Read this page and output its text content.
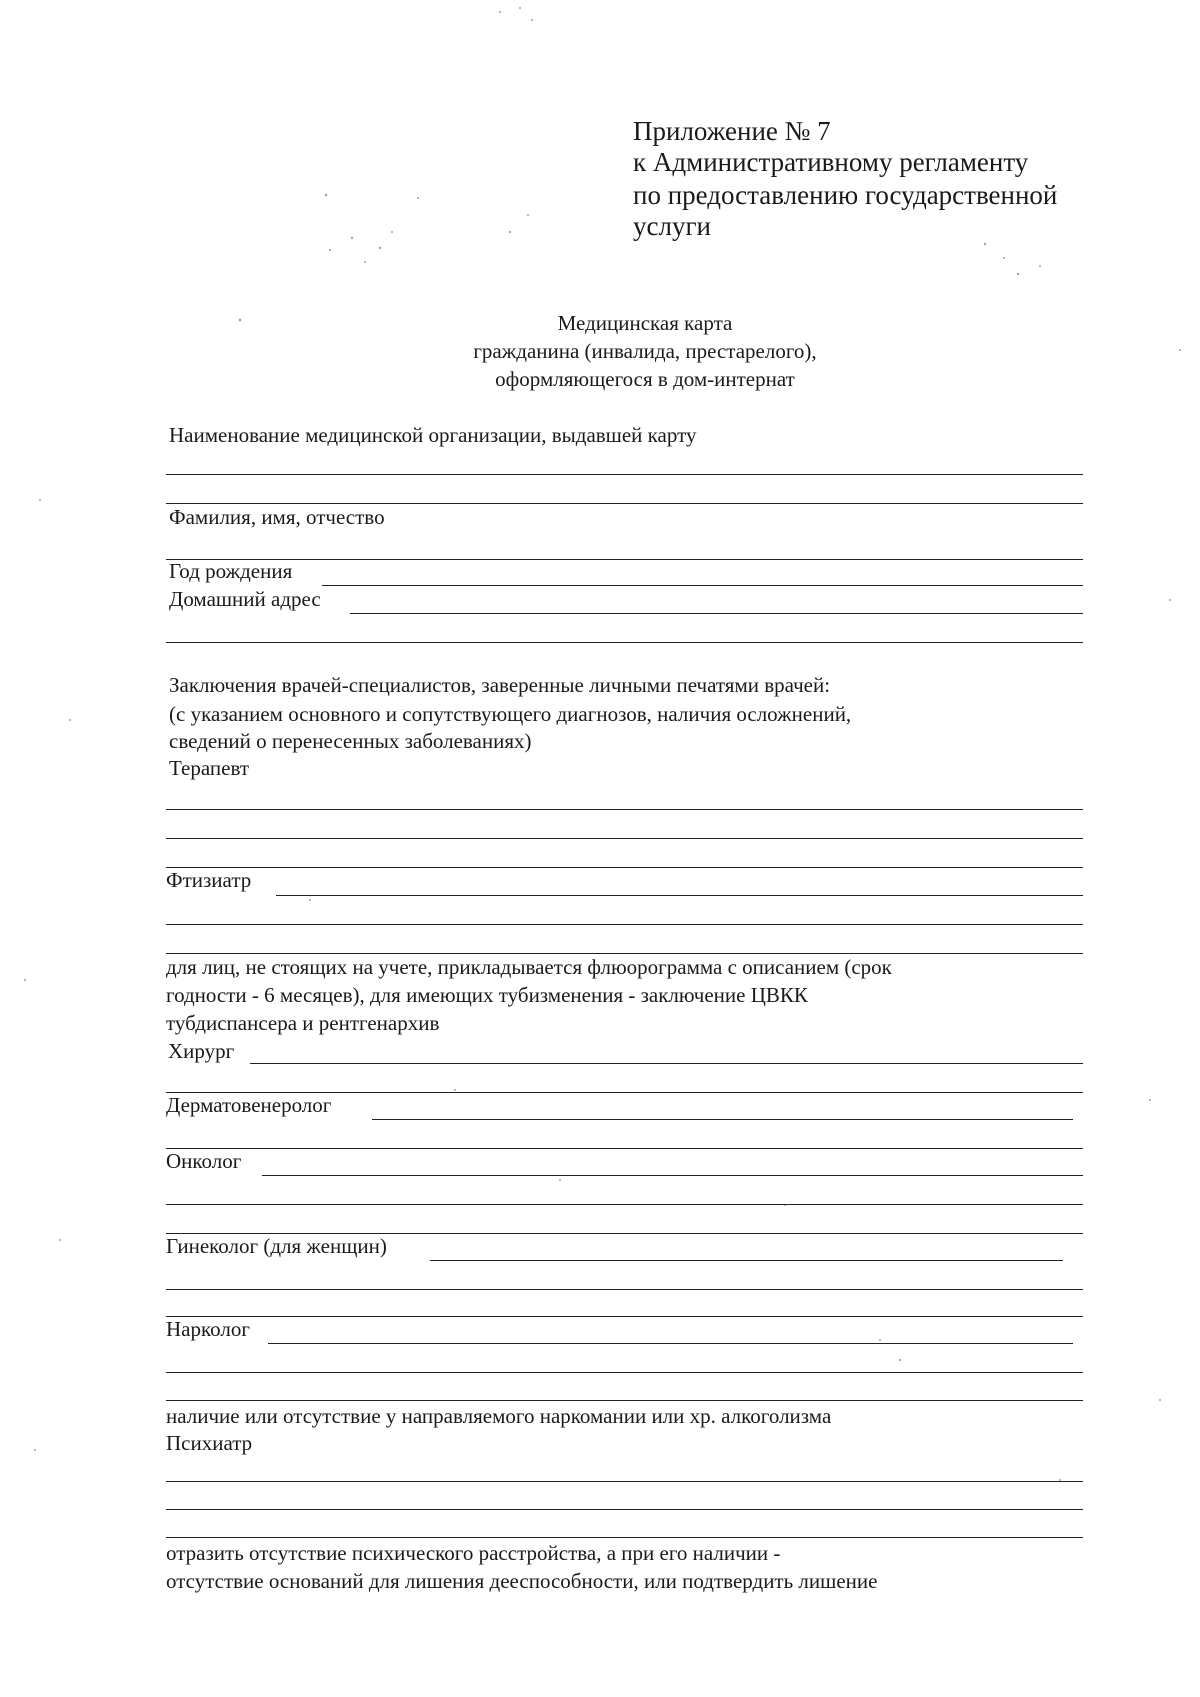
Приложение № 7
к Административному регламенту
по предоставлению государственной
услуги
Медицинская карта
гражданина (инвалида, престарелого),
оформляющегося в дом-интернат
Наименование медицинской организации, выдавшей карту
Фамилия, имя, отчество
Год рождения
Домашний адрес
Заключения врачей-специалистов, заверенные личными печатями врачей:
(с указанием основного и сопутствующего диагнозов, наличия осложнений,
сведений о перенесенных заболеваниях)
Терапевт
Фтизиатр
для лиц, не стоящих на учете, прикладывается флюорограмма с описанием (срок
годности - 6 месяцев), для имеющих тубизменения - заключение ЦВКК
тубдиспансера и рентгенархив
Хирург
Дерматовенеролог
Онколог
Гинеколог (для женщин)
Нарколог
наличие или отсутствие у направляемого наркомании или хр. алкоголизма
Психиатр
отразить отсутствие психического расстройства, а при его наличии -
отсутствие оснований для лишения дееспособности, или подтвердить лишение
